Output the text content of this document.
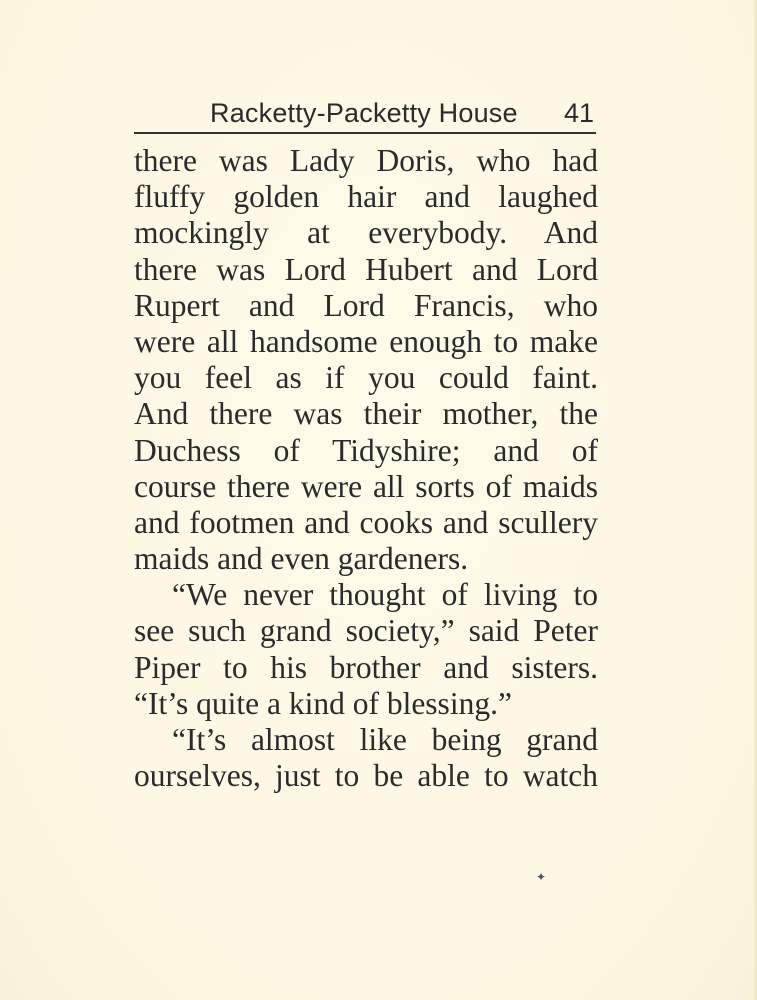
Racketty-Packetty House 41
there was Lady Doris, who had
fluffy golden hair and laughed
mockingly at everybody. And
there was Lord Hubert and Lord
Rupert and Lord Francis, who
were all handsome enough to make
you feel as if you could faint.
And there was their mother, the
Duchess of Tidyshire; and of
course there were all sorts of maids
and footmen and cooks and scullery
maids and even gardeners.
“We never thought of living to
see such grand society,” said Peter
Piper to his brother and sisters.
“It’s quite a kind of blessing.”
“It’s almost like being grand
ourselves, just to be able to watch
✦
